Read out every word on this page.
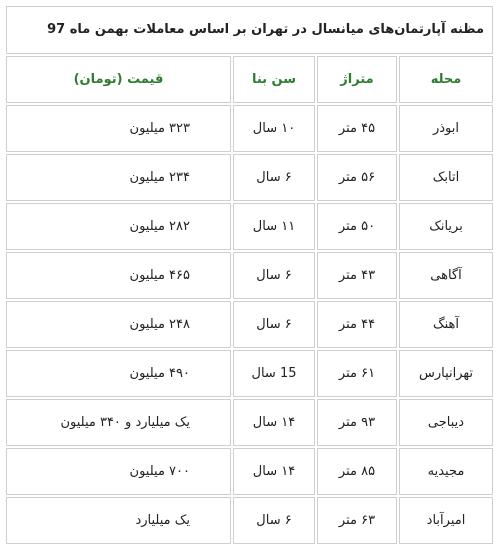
مظنه آپارتمان‌های میانسال در تهران بر اساس معاملات بهمن ماه 97			
محله	متراژ	سن بنا	قیمت (تومان)
ابوذر	۴۵ متر	۱۰ سال	۳۲۳ میلیون
اتابک	۵۶ متر	۶ سال	۲۳۴ میلیون
بریانک	۵۰ متر	۱۱ سال	۲۸۲ میلیون
آگاهی	۴۳ متر	۶ سال	۴۶۵ میلیون
آهنگ	۴۴ متر	۶ سال	۲۴۸ میلیون
تهرانپارس	۶۱ متر	15 سال	۴۹۰ میلیون
دیباجی	۹۳ متر	۱۴ سال	یک میلیارد و ۳۴۰ میلیون
مجیدیه	۸۵ متر	۱۴ سال	۷۰۰ میلیون
امیرآباد	۶۳ متر	۶ سال	یک میلیارد
